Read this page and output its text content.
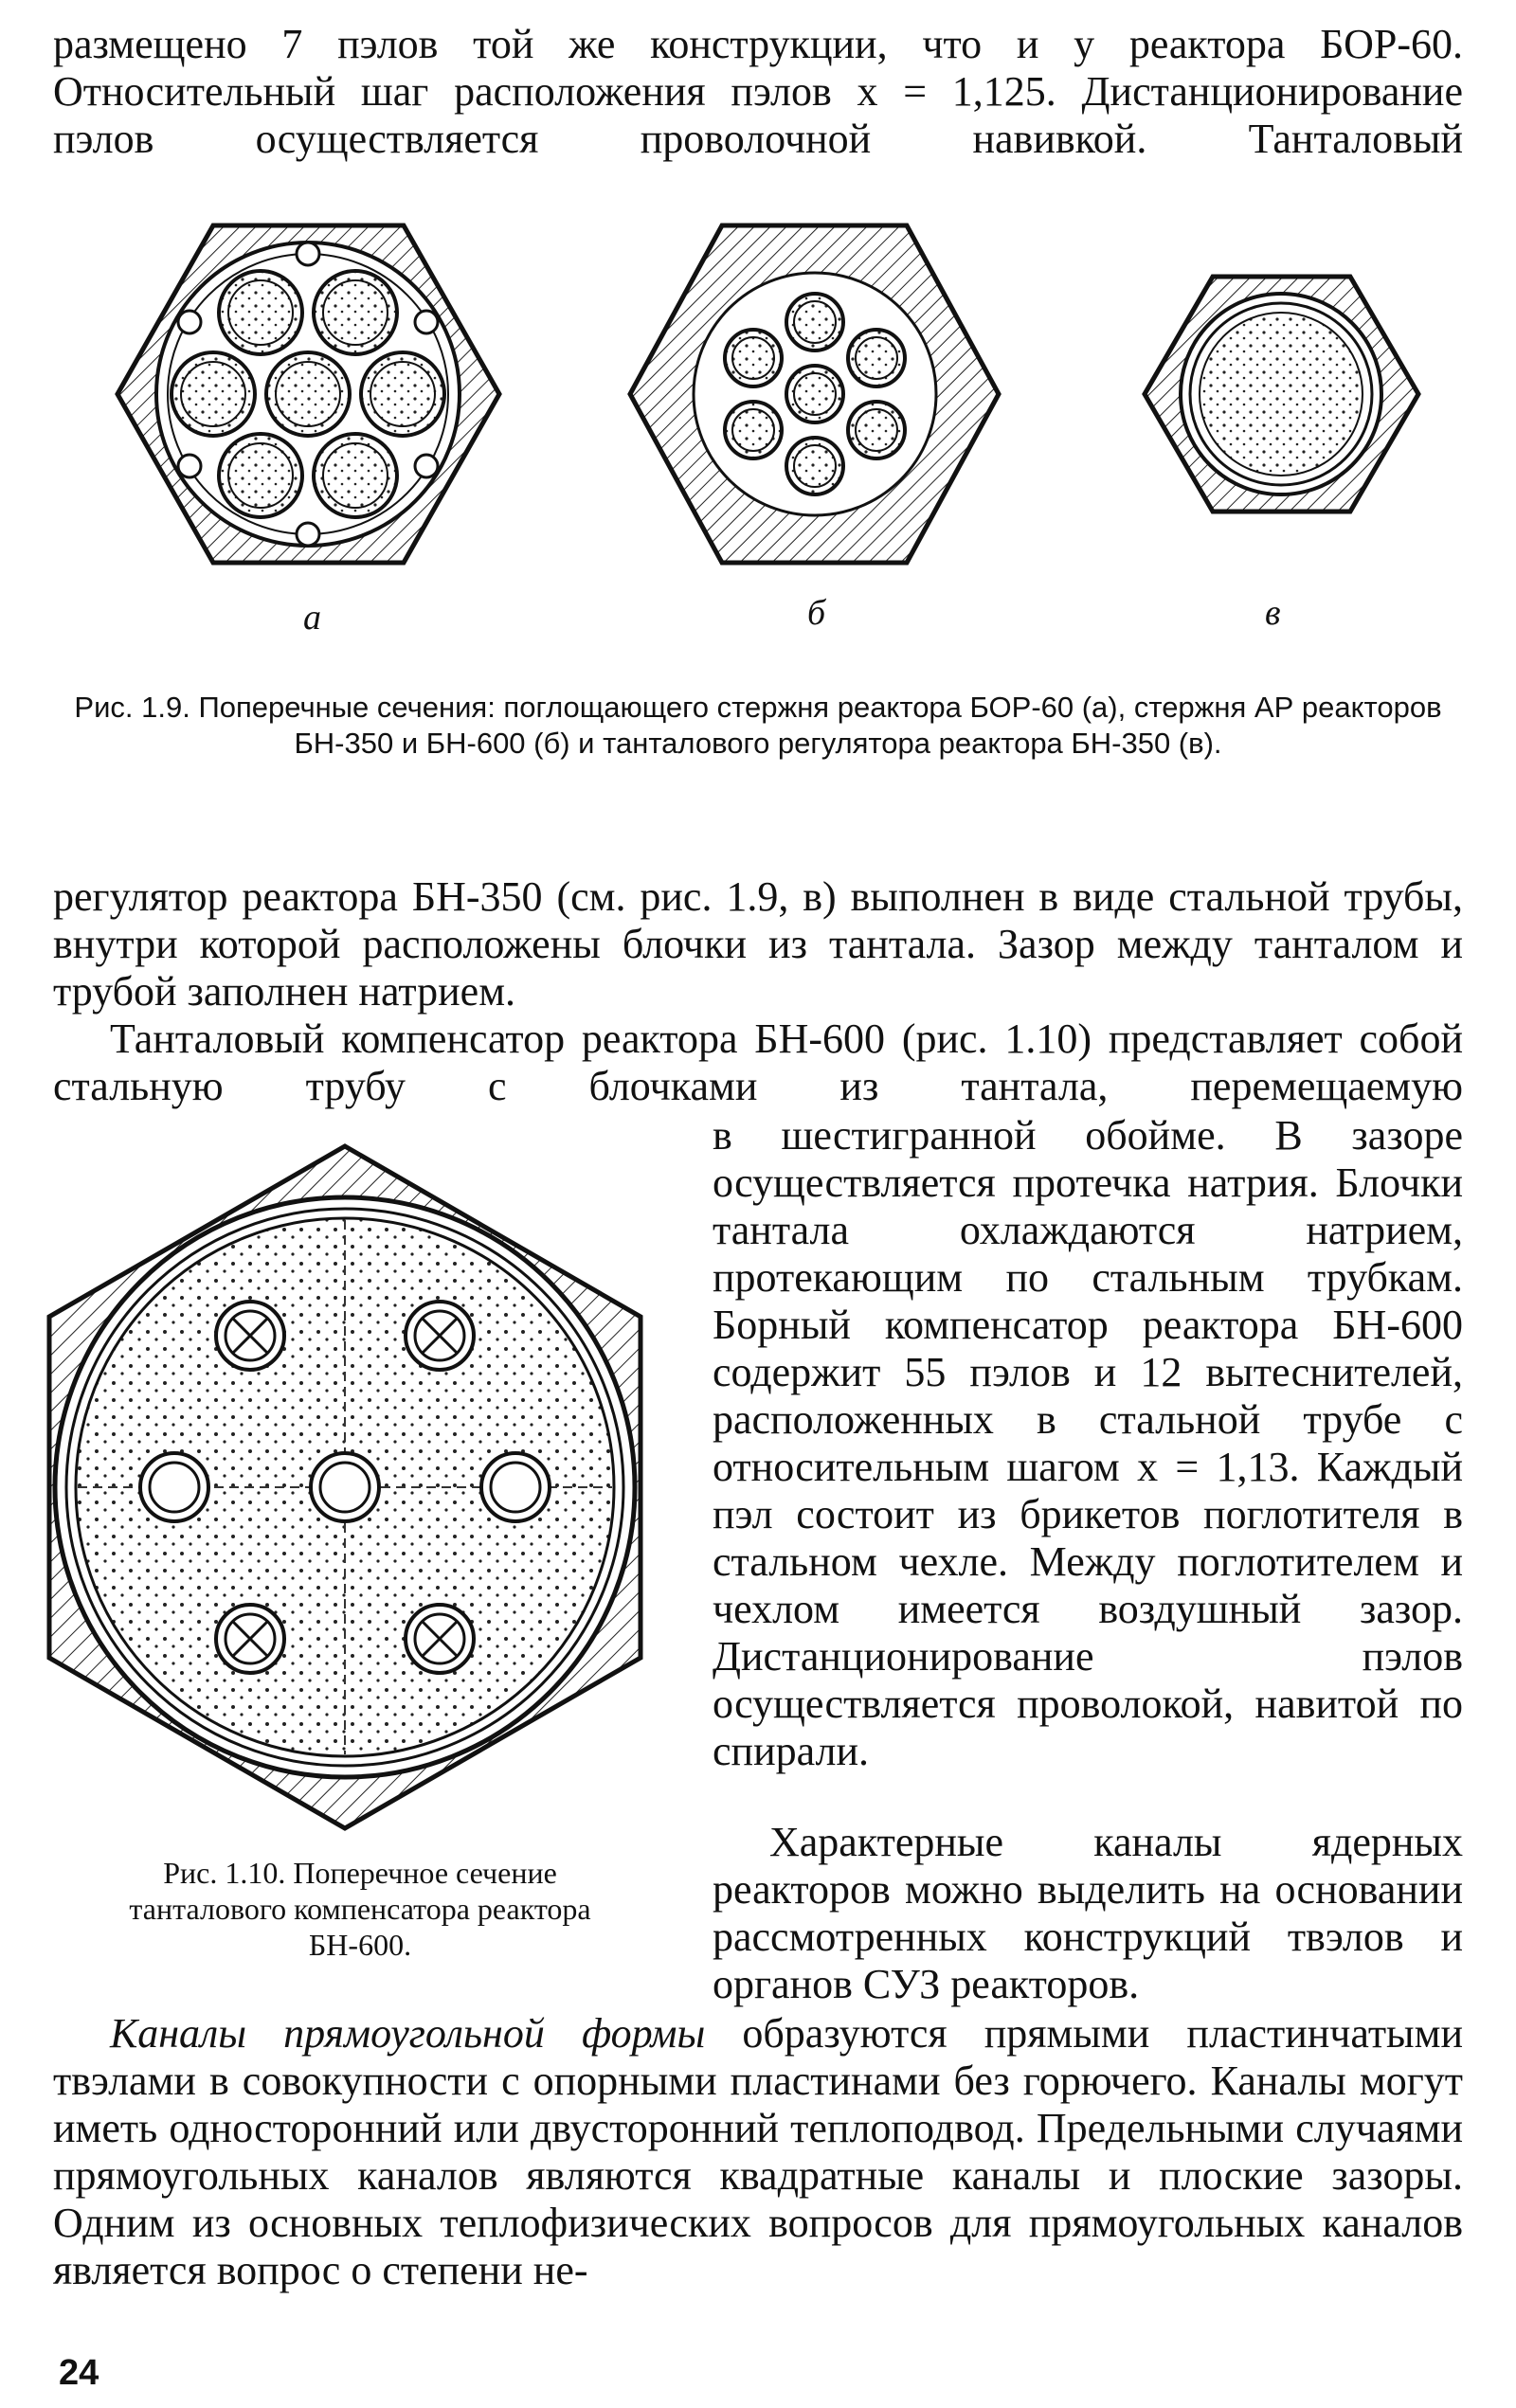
размещено 7 пэлов той же конструкции, что и у реактора БОР-60. Относительный шаг расположения пэлов x = 1,125. Дистанционирование пэлов осуществляется проволочной навивкой. Танталовый

а	б	в

Рис. 1.9. Поперечные сечения: поглощающего стержня реактора БОР-60 (а), стержня АР реакторов БН-350 и БН-600 (б) и танталового регулятора реактора БН-350 (в).

регулятор реактора БН-350 (см. рис. 1.9, в) выполнен в виде стальной трубы, внутри которой расположены блочки из тантала. Зазор между танталом и трубой заполнен натрием.

Танталовый компенсатор реактора БН-600 (рис. 1.10) представляет собой стальную трубу с блочками из тантала, перемещаемую

в шестигранной обойме. В зазоре осуществляется протечка натрия. Блочки тантала охлаждаются натрием, протекающим по стальным трубкам. Борный компенсатор реактора БН-600 содержит 55 пэлов и 12 вытеснителей, расположенных в стальной трубе с относительным шагом x = 1,13. Каждый пэл состоит из брикетов поглотителя в стальном чехле. Между поглотителем и чехлом имеется воздушный зазор. Дистанционирование пэлов осуществляется проволокой, навитой по спирали.

Характерные каналы ядерных реакторов можно выделить на основании рассмотренных конструкций твэлов и органов СУЗ реакторов.

Рис. 1.10. Поперечное сечение танталового компенсатора реактора БН-600.

Каналы прямоугольной формы образуются прямыми пластинчатыми твэлами в совокупности с опорными пластинами без горючего. Каналы могут иметь односторонний или двусторонний теплоподвод. Предельными случаями прямоугольных каналов являются квадратные каналы и плоские зазоры. Одним из основных теплофизических вопросов для прямоугольных каналов является вопрос о степени не-

24
